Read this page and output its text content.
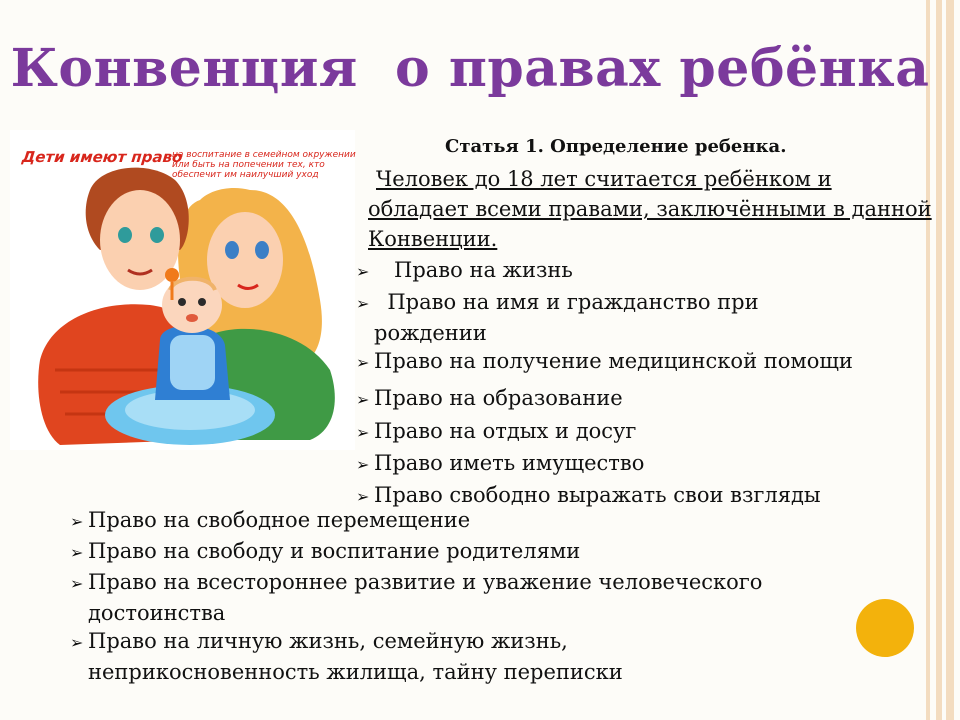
Конвенция  о правах ребёнка
Дети имеют право
на воспитание в семейном окружении или быть на попечении тех, кто обеспечит им наилучший уход
Статья 1. Определение ребенка.
Человек до 18 лет считается ребёнком и обладает всеми правами, заключёнными в данной Конвенции.
➢   Право на жизнь
➢  Право на имя и гражданство при
рождении
➢ Право на получение медицинской помощи
➢ Право на образование
➢ Право на отдых и досуг
➢ Право иметь имущество
➢ Право свободно выражать свои взгляды
➢ Право на свободное перемещение
➢ Право на свободу и воспитание родителями
➢ Право на всестороннее развитие и уважение человеческого
достоинства
➢ Право на личную жизнь, семейную жизнь,
неприкосновенность жилища, тайну переписки
